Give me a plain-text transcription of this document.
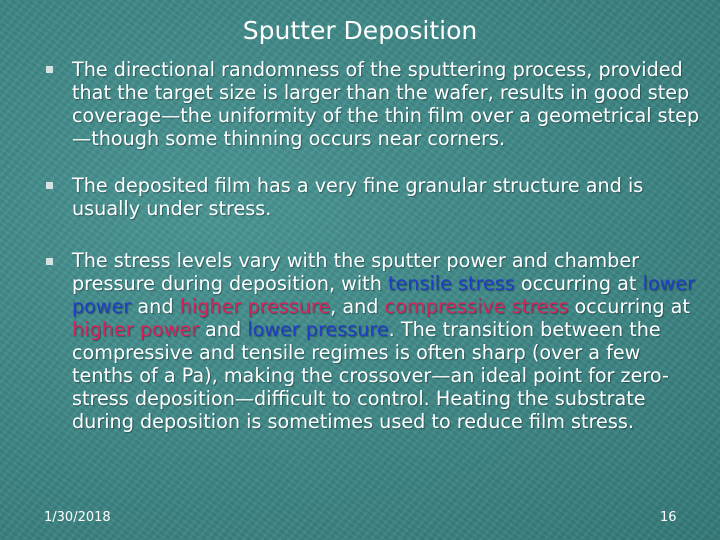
Sputter Deposition
The directional randomness of the sputtering process, provided that the target size is larger than the wafer, results in good step coverage—the uniformity of the thin film over a geometrical step—though some thinning occurs near corners.
The deposited film has a very fine granular structure and is usually under stress.
The stress levels vary with the sputter power and chamber pressure during deposition, with tensile stress occurring at lower power and higher pressure, and compressive stress occurring at higher power and lower pressure. The transition between the compressive and tensile regimes is often sharp (over a few tenths of a Pa), making the crossover—an ideal point for zero-stress deposition—difficult to control. Heating the substrate during deposition is sometimes used to reduce film stress.
1/30/2018	16
